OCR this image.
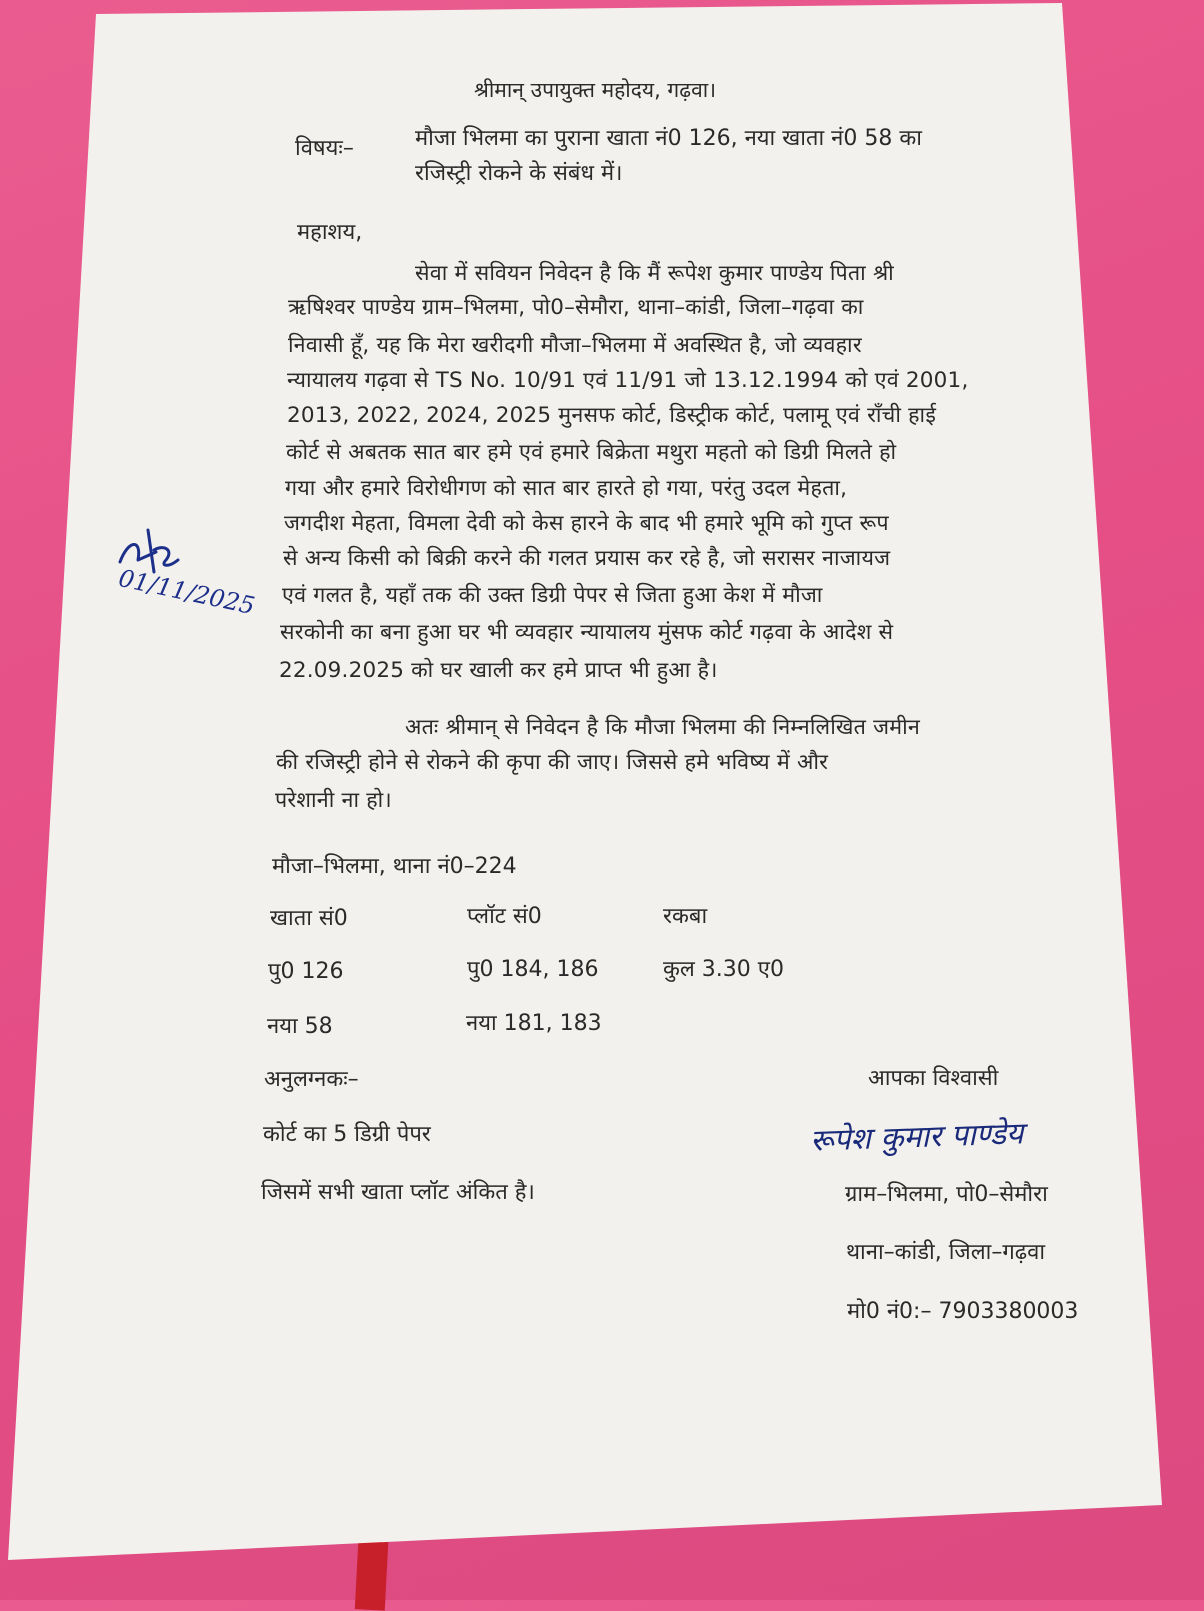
श्रीमान् उपायुक्त महोदय, गढ़वा।
विषयः–	मौजा भिलमा का पुराना खाता नं0 126, नया खाता नं0 58 का
रजिस्ट्री रोकने के संबंध में।
महाशय,
सेवा में सवियन निवेदन है कि मैं रूपेश कुमार पाण्डेय पिता श्री
ऋषिश्वर पाण्डेय ग्राम–भिलमा, पो0–सेमौरा, थाना–कांडी, जिला–गढ़वा का
निवासी हूँ, यह कि मेरा खरीदगी मौजा–भिलमा में अवस्थित है, जो व्यवहार
न्यायालय गढ़वा से TS No. 10/91 एवं 11/91 जो 13.12.1994 को एवं 2001,
2013, 2022, 2024, 2025 मुनसफ कोर्ट, डिस्ट्रीक कोर्ट, पलामू एवं राँची हाई
कोर्ट से अबतक सात बार हमे एवं हमारे बिक्रेता मथुरा महतो को डिग्री मिलते हो
गया और हमारे विरोधीगण को सात बार हारते हो गया, परंतु उदल मेहता,
जगदीश मेहता, विमला देवी को केस हारने के बाद भी हमारे भूमि को गुप्त रूप
से अन्य किसी को बिक्री करने की गलत प्रयास कर रहे है, जो सरासर नाजायज
एवं गलत है, यहाँ तक की उक्त डिग्री पेपर से जिता हुआ केश में मौजा
सरकोनी का बना हुआ घर भी व्यवहार न्यायालय मुंसफ कोर्ट गढ़वा के आदेश से
22.09.2025 को घर खाली कर हमे प्राप्त भी हुआ है।
अतः श्रीमान् से निवेदन है कि मौजा भिलमा की निम्नलिखित जमीन
की रजिस्ट्री होने से रोकने की कृपा की जाए। जिससे हमे भविष्य में और
परेशानी ना हो।
मौजा–भिलमा, थाना नं0–224
खाता सं0	प्लॉट सं0	रकबा
पु0 126	पु0 184, 186	कुल 3.30 ए0
नया 58	नया 181, 183
अनुलग्नकः–
कोर्ट का 5 डिग्री पेपर
जिसमें सभी खाता प्लॉट अंकित है।
आपका विश्वासी
रूपेश कुमार पाण्डेय
ग्राम–भिलमा, पो0–सेमौरा
थाना–कांडी, जिला–गढ़वा
मो0 नं0:– 7903380003
01/11/2025
